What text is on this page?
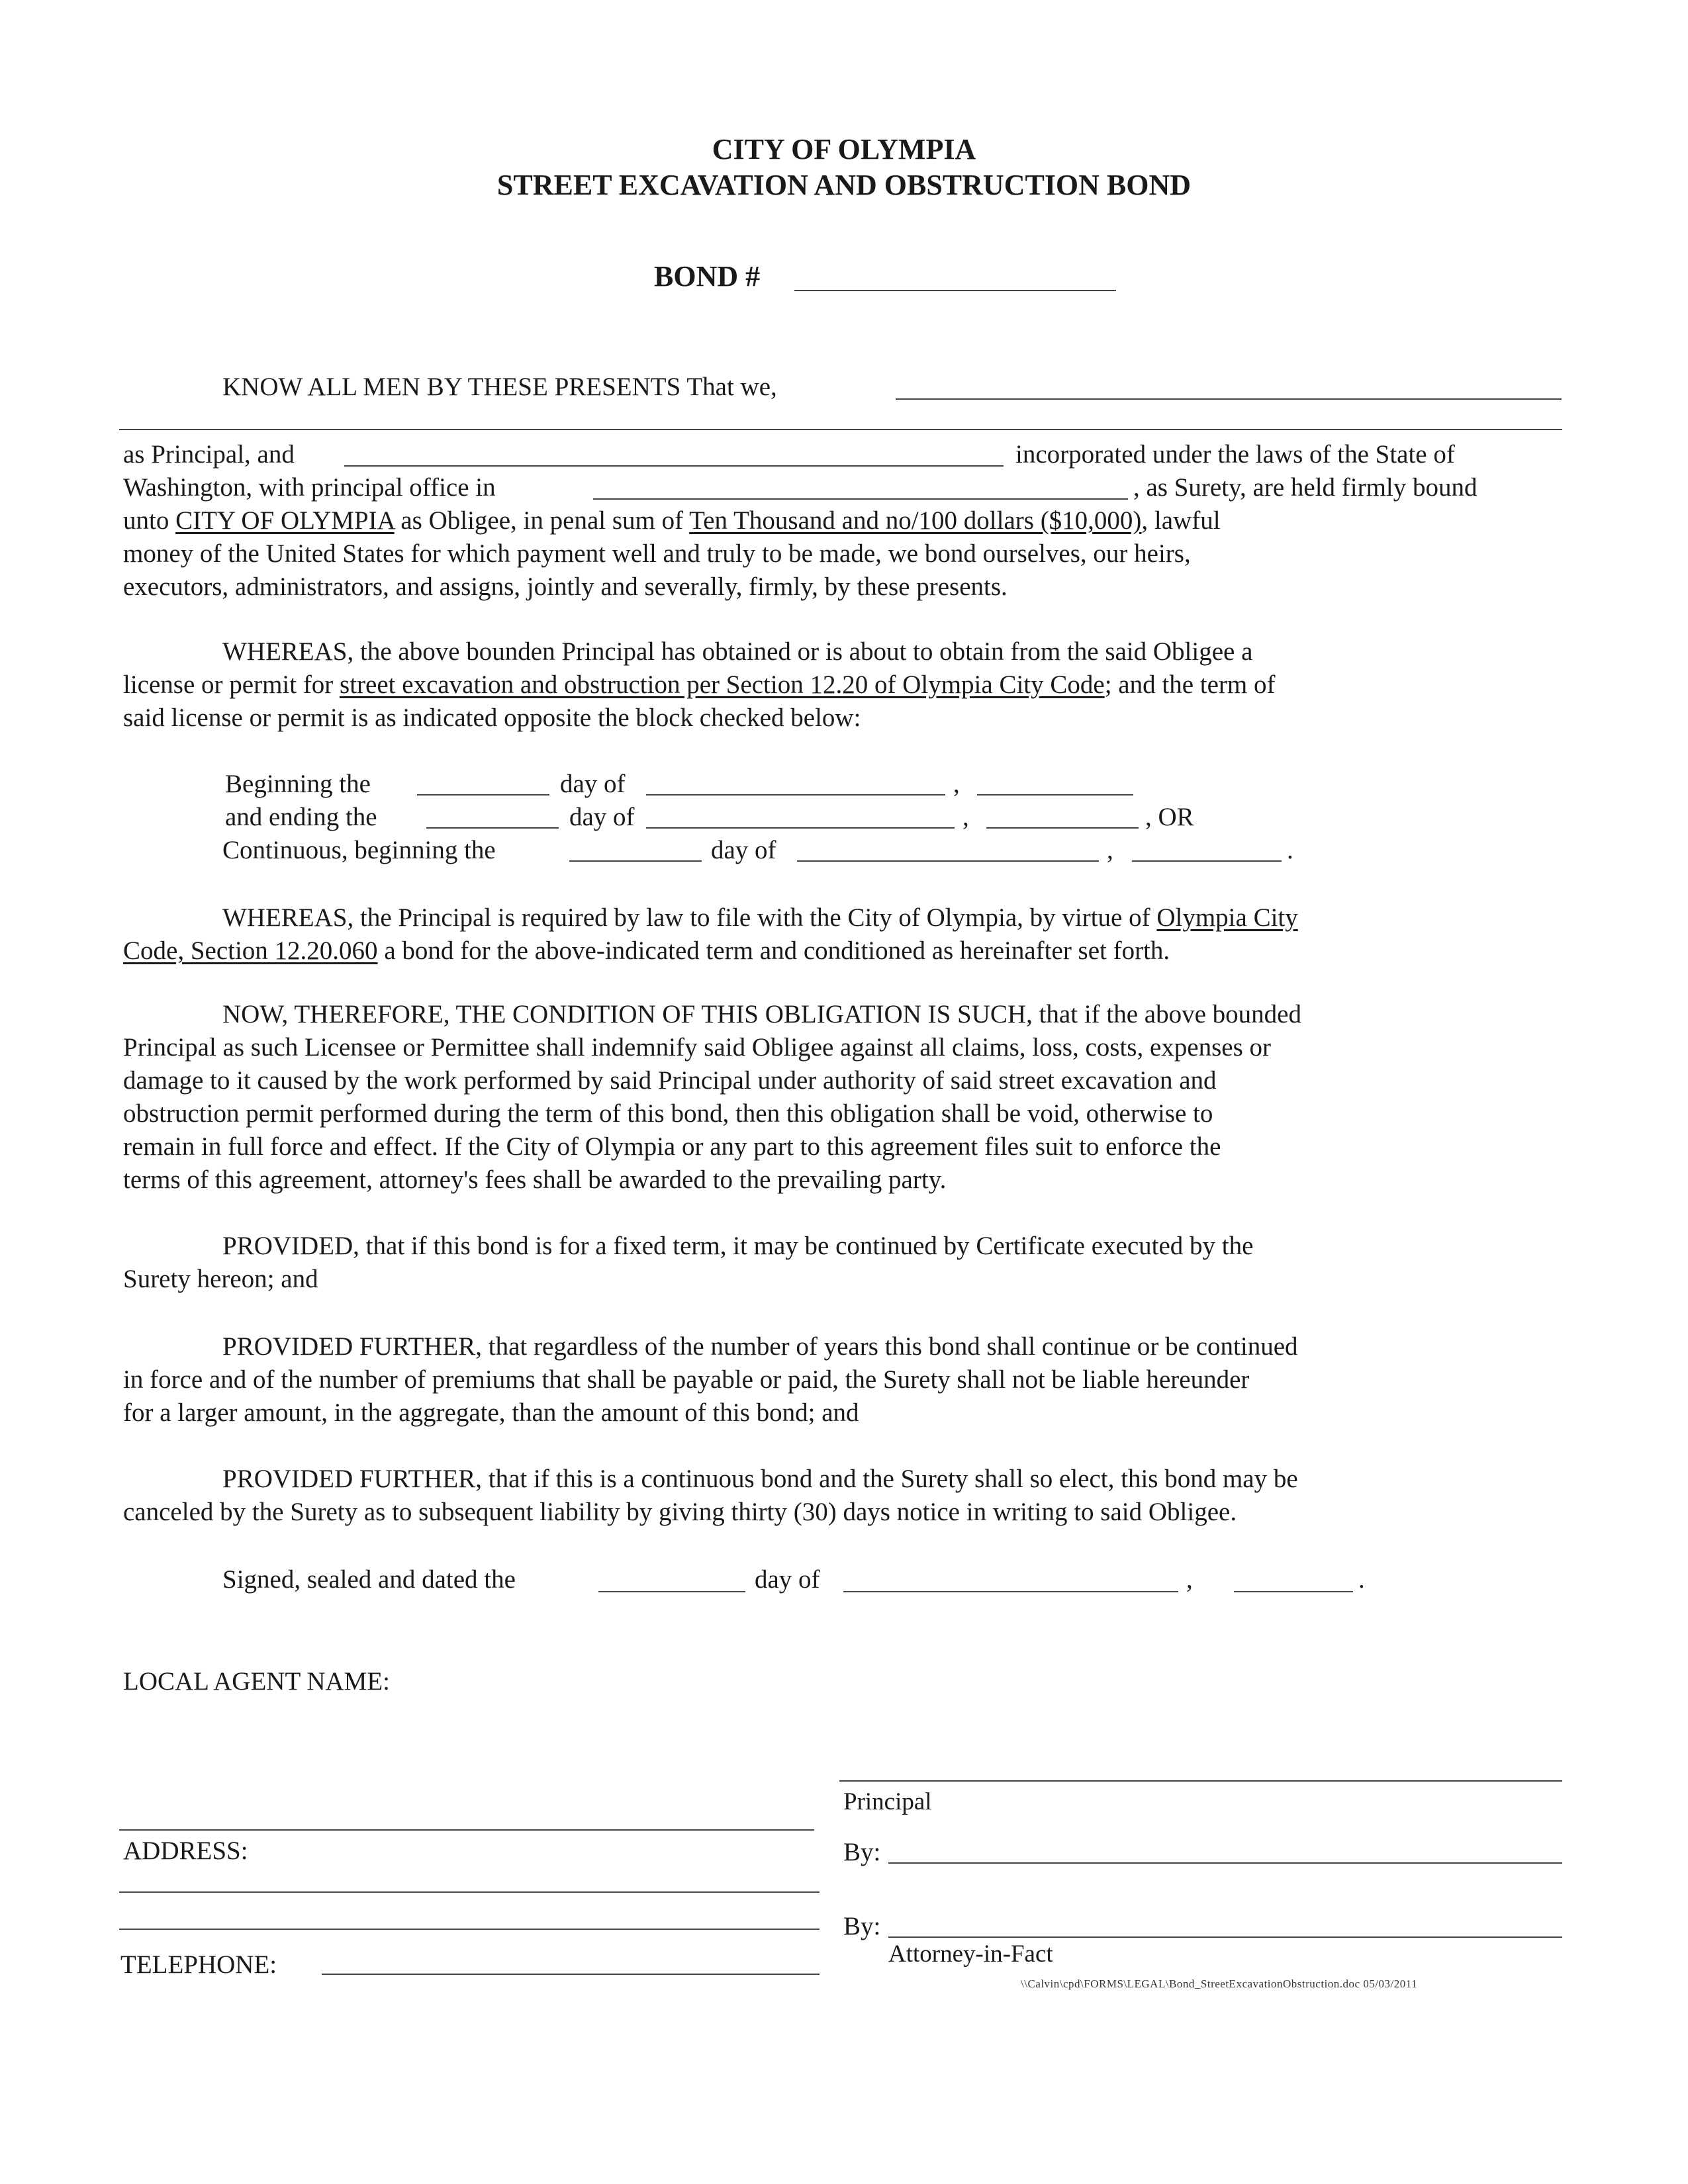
CITY OF OLYMPIA
STREET EXCAVATION AND OBSTRUCTION BOND
BOND #
KNOW ALL MEN BY THESE PRESENTS That we,
as Principal, and	incorporated under the laws of the State of
Washington, with principal office in	, as Surety, are held firmly bound
unto CITY OF OLYMPIA as Obligee, in penal sum of Ten Thousand and no/100 dollars ($10,000), lawful
money of the United States for which payment well and truly to be made, we bond ourselves, our heirs,
executors, administrators, and assigns, jointly and severally, firmly, by these presents.
WHEREAS, the above bounden Principal has obtained or is about to obtain from the said Obligee a
license or permit for street excavation and obstruction per Section 12.20 of Olympia City Code; and the term of
said license or permit is as indicated opposite the block checked below:
Beginning the	day of	,
and ending the	day of	,	, OR
Continuous, beginning the	day of	,	.
WHEREAS, the Principal is required by law to file with the City of Olympia, by virtue of Olympia City
Code, Section 12.20.060 a bond for the above-indicated term and conditioned as hereinafter set forth.
NOW, THEREFORE, THE CONDITION OF THIS OBLIGATION IS SUCH, that if the above bounded
Principal as such Licensee or Permittee shall indemnify said Obligee against all claims, loss, costs, expenses or
damage to it caused by the work performed by said Principal under authority of said street excavation and
obstruction permit performed during the term of this bond, then this obligation shall be void, otherwise to
remain in full force and effect. If the City of Olympia or any part to this agreement files suit to enforce the
terms of this agreement, attorney's fees shall be awarded to the prevailing party.
PROVIDED, that if this bond is for a fixed term, it may be continued by Certificate executed by the
Surety hereon; and
PROVIDED FURTHER, that regardless of the number of years this bond shall continue or be continued
in force and of the number of premiums that shall be payable or paid, the Surety shall not be liable hereunder
for a larger amount, in the aggregate, than the amount of this bond; and
PROVIDED FURTHER, that if this is a continuous bond and the Surety shall so elect, this bond may be
canceled by the Surety as to subsequent liability by giving thirty (30) days notice in writing to said Obligee.
Signed, sealed and dated the	day of	,	.
LOCAL AGENT NAME:
ADDRESS:
TELEPHONE:
Principal
By:
By:
Attorney-in-Fact
\\Calvin\cpd\FORMS\LEGAL\Bond_StreetExcavationObstruction.doc 05/03/2011
